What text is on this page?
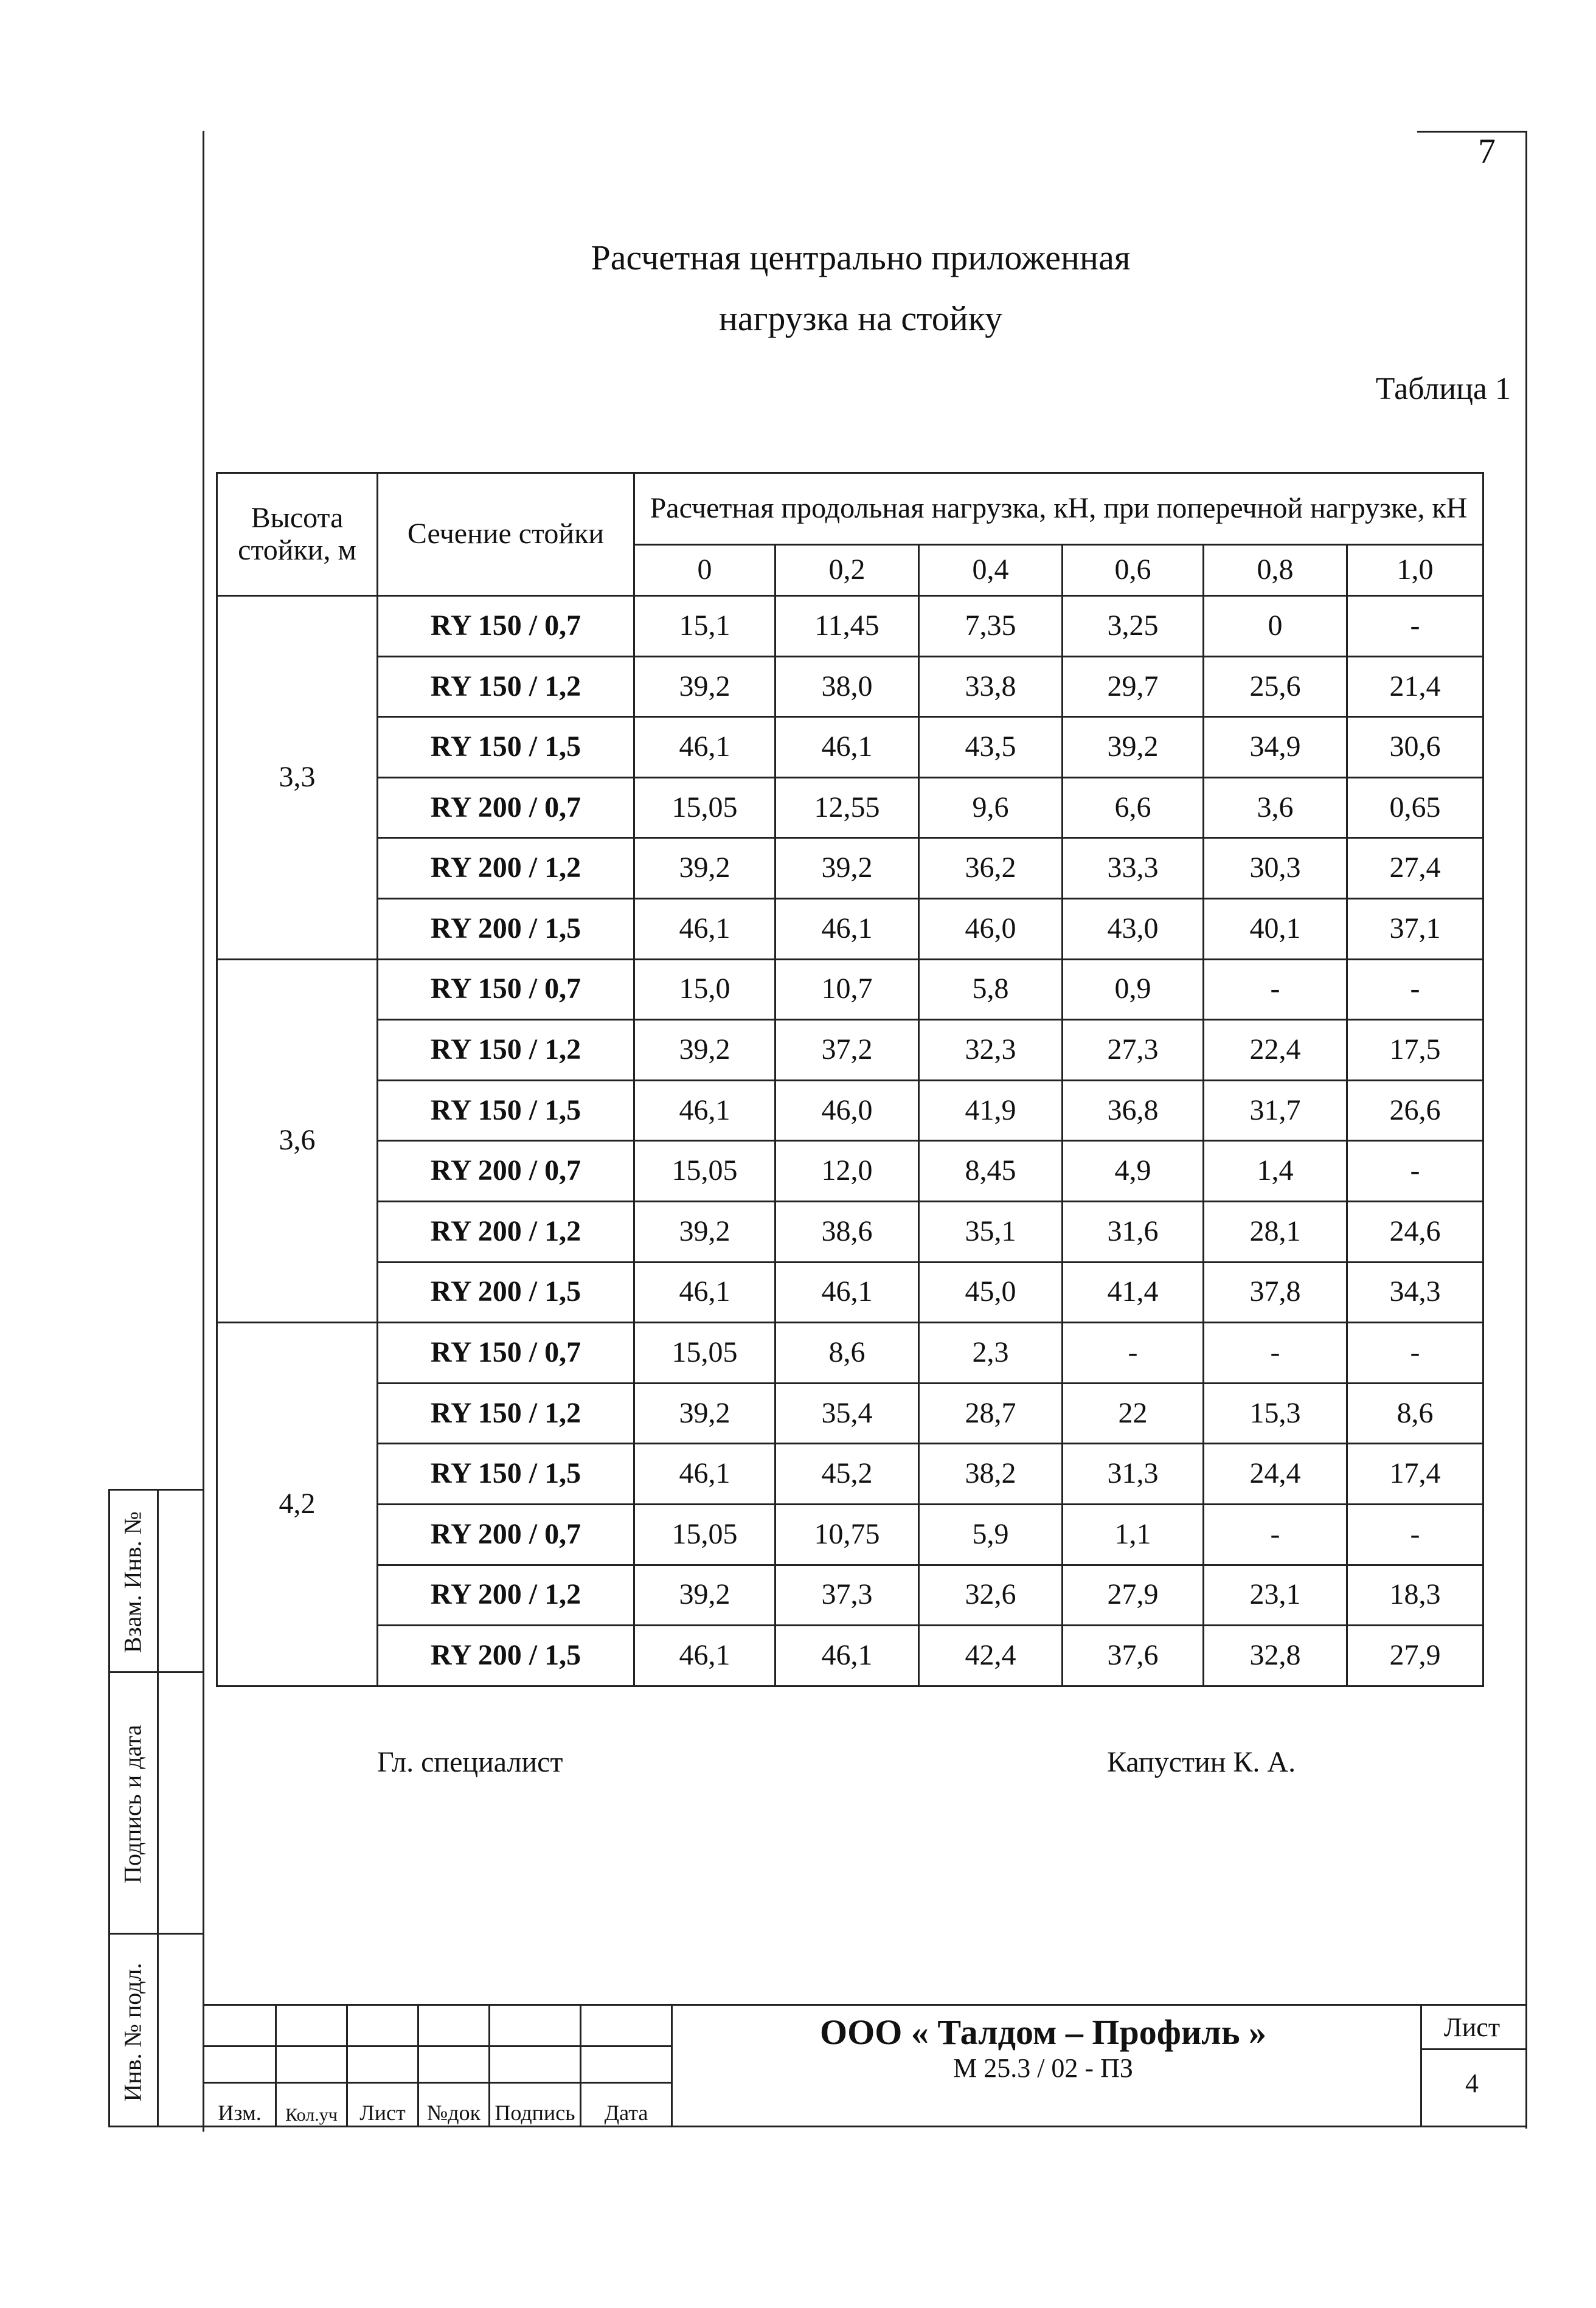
Взам. Инв. №
Подпись и дата
Инв. № подл.
7
Расчетная центрально приложенная
нагрузка на стойку
Таблица 1
Высота стойки, м	Сечение стойки	Расчетная продольная нагрузка, кН, при поперечной нагрузке, кН					
		0	0,2	0,4	0,6	0,8	1,0
3,3	RY 150 / 0,7	15,1	11,45	7,35	3,25	0	-
	RY 150 / 1,2	39,2	38,0	33,8	29,7	25,6	21,4
	RY 150 / 1,5	46,1	46,1	43,5	39,2	34,9	30,6
	RY 200 / 0,7	15,05	12,55	9,6	6,6	3,6	0,65
	RY 200 / 1,2	39,2	39,2	36,2	33,3	30,3	27,4
	RY 200 / 1,5	46,1	46,1	46,0	43,0	40,1	37,1
3,6	RY 150 / 0,7	15,0	10,7	5,8	0,9	-	-
	RY 150 / 1,2	39,2	37,2	32,3	27,3	22,4	17,5
	RY 150 / 1,5	46,1	46,0	41,9	36,8	31,7	26,6
	RY 200 / 0,7	15,05	12,0	8,45	4,9	1,4	-
	RY 200 / 1,2	39,2	38,6	35,1	31,6	28,1	24,6
	RY 200 / 1,5	46,1	46,1	45,0	41,4	37,8	34,3
4,2	RY 150 / 0,7	15,05	8,6	2,3	-	-	-
	RY 150 / 1,2	39,2	35,4	28,7	22	15,3	8,6
	RY 150 / 1,5	46,1	45,2	38,2	31,3	24,4	17,4
	RY 200 / 0,7	15,05	10,75	5,9	1,1	-	-
	RY 200 / 1,2	39,2	37,3	32,6	27,9	23,1	18,3
	RY 200 / 1,5	46,1	46,1	42,4	37,6	32,8	27,9
Гл. специалист	Капустин К. А.

Изм.	Кол.уч	Лист	№док	Подпись	Дата
ООО « Талдом – Профиль »
М 25.3 / 02 - ПЗ
Лист
4
